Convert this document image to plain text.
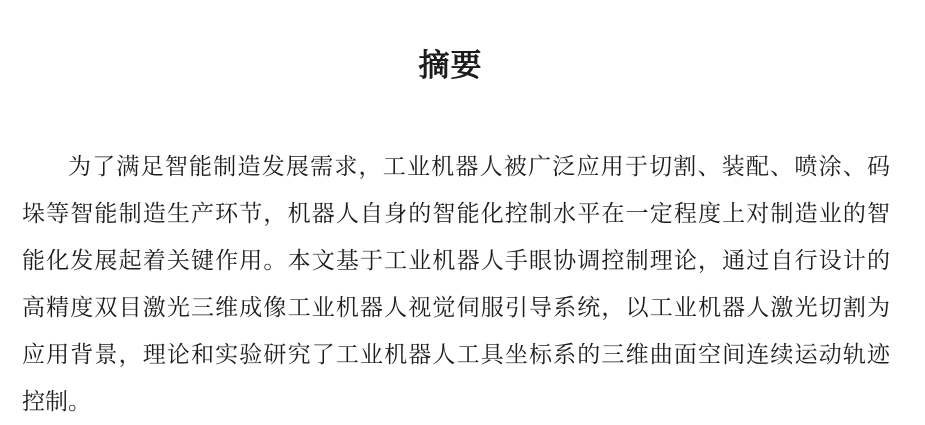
摘要
为了满足智能制造发展需求，工业机器人被广泛应用于切割、装配、喷涂、码
垛等智能制造生产环节，机器人自身的智能化控制水平在一定程度上对制造业的智
能化发展起着关键作用。本文基于工业机器人手眼协调控制理论，通过自行设计的
高精度双目激光三维成像工业机器人视觉伺服引导系统，以工业机器人激光切割为
应用背景，理论和实验研究了工业机器人工具坐标系的三维曲面空间连续运动轨迹
控制。
